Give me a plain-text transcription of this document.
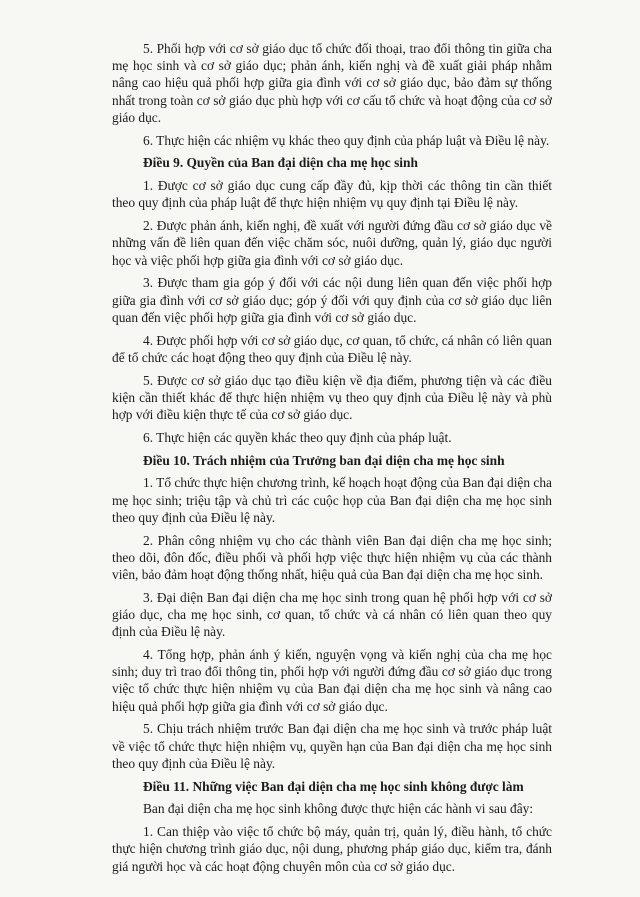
5. Phối hợp với cơ sở giáo dục tổ chức đối thoại, trao đổi thông tin giữa cha mẹ học sinh và cơ sở giáo dục; phản ánh, kiến nghị và đề xuất giải pháp nhằm nâng cao hiệu quả phối hợp giữa gia đình với cơ sở giáo dục, bảo đảm sự thống nhất trong toàn cơ sở giáo dục phù hợp với cơ cấu tổ chức và hoạt động của cơ sở giáo dục.

6. Thực hiện các nhiệm vụ khác theo quy định của pháp luật và Điều lệ này.

Điều 9. Quyền của Ban đại diện cha mẹ học sinh

1. Được cơ sở giáo dục cung cấp đầy đủ, kịp thời các thông tin cần thiết theo quy định của pháp luật để thực hiện nhiệm vụ quy định tại Điều lệ này.

2. Được phản ánh, kiến nghị, đề xuất với người đứng đầu cơ sở giáo dục về những vấn đề liên quan đến việc chăm sóc, nuôi dưỡng, quản lý, giáo dục người học và việc phối hợp giữa gia đình với cơ sở giáo dục.

3. Được tham gia góp ý đối với các nội dung liên quan đến việc phối hợp giữa gia đình với cơ sở giáo dục; góp ý đối với quy định của cơ sở giáo dục liên quan đến việc phối hợp giữa gia đình với cơ sở giáo dục.

4. Được phối hợp với cơ sở giáo dục, cơ quan, tổ chức, cá nhân có liên quan để tổ chức các hoạt động theo quy định của Điều lệ này.

5. Được cơ sở giáo dục tạo điều kiện về địa điểm, phương tiện và các điều kiện cần thiết khác để thực hiện nhiệm vụ theo quy định của Điều lệ này và phù hợp với điều kiện thực tế của cơ sở giáo dục.

6. Thực hiện các quyền khác theo quy định của pháp luật.

Điều 10. Trách nhiệm của Trưởng ban đại diện cha mẹ học sinh

1. Tổ chức thực hiện chương trình, kế hoạch hoạt động của Ban đại diện cha mẹ học sinh; triệu tập và chủ trì các cuộc họp của Ban đại diện cha mẹ học sinh theo quy định của Điều lệ này.

2. Phân công nhiệm vụ cho các thành viên Ban đại diện cha mẹ học sinh; theo dõi, đôn đốc, điều phối và phối hợp việc thực hiện nhiệm vụ của các thành viên, bảo đảm hoạt động thống nhất, hiệu quả của Ban đại diện cha mẹ học sinh.

3. Đại diện Ban đại diện cha mẹ học sinh trong quan hệ phối hợp với cơ sở giáo dục, cha mẹ học sinh, cơ quan, tổ chức và cá nhân có liên quan theo quy định của Điều lệ này.

4. Tổng hợp, phản ánh ý kiến, nguyện vọng và kiến nghị của cha mẹ học sinh; duy trì trao đổi thông tin, phối hợp với người đứng đầu cơ sở giáo dục trong việc tổ chức thực hiện nhiệm vụ của Ban đại diện cha mẹ học sinh và nâng cao hiệu quả phối hợp giữa gia đình với cơ sở giáo dục.

5. Chịu trách nhiệm trước Ban đại diện cha mẹ học sinh và trước pháp luật về việc tổ chức thực hiện nhiệm vụ, quyền hạn của Ban đại diện cha mẹ học sinh theo quy định của Điều lệ này.

Điều 11. Những việc Ban đại diện cha mẹ học sinh không được làm

Ban đại diện cha mẹ học sinh không được thực hiện các hành vi sau đây:

1. Can thiệp vào việc tổ chức bộ máy, quản trị, quản lý, điều hành, tổ chức thực hiện chương trình giáo dục, nội dung, phương pháp giáo dục, kiểm tra, đánh giá người học và các hoạt động chuyên môn của cơ sở giáo dục.
